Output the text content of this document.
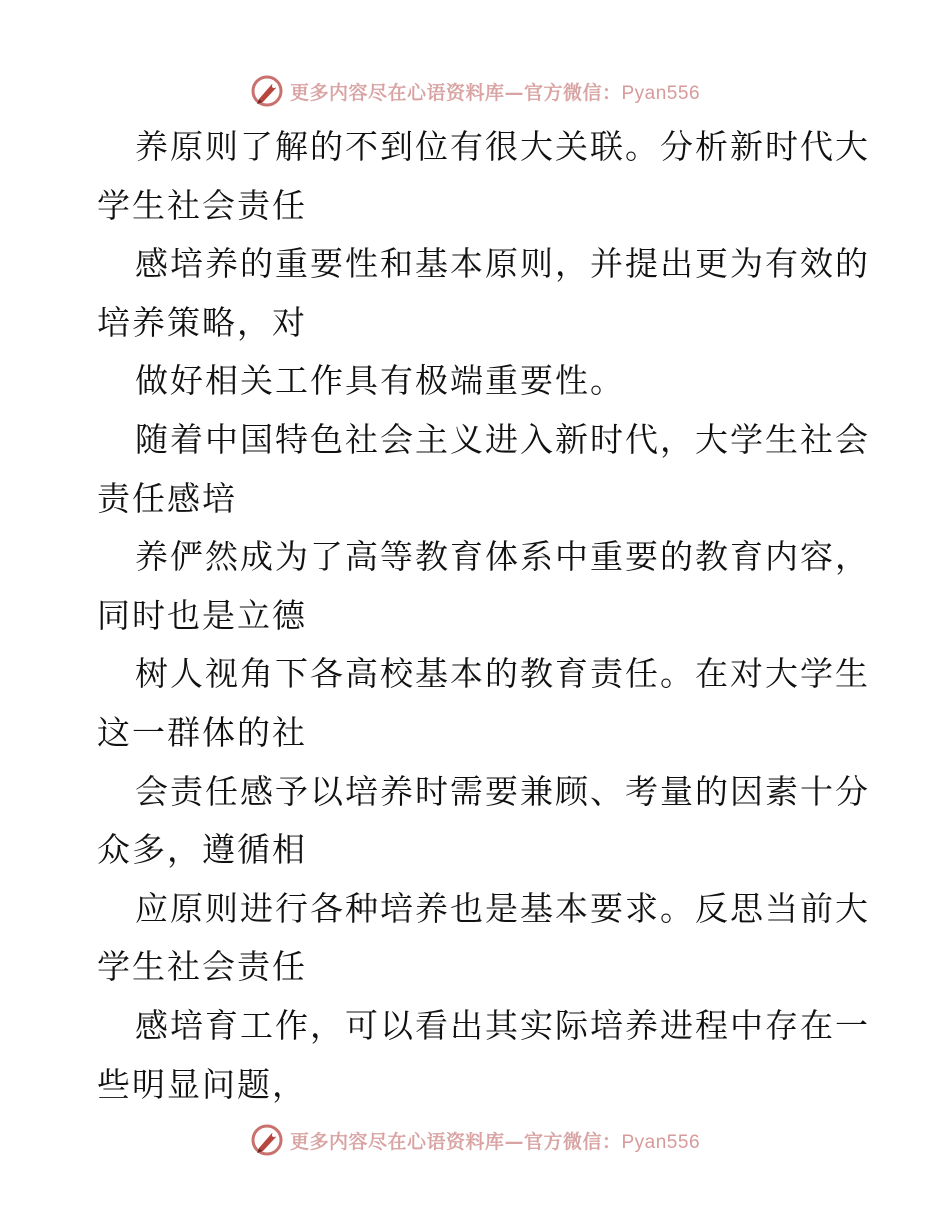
更多内容尽在心语资料库—官方微信：Pyan556
养原则了解的不到位有很大关联。分析新时代大
学生社会责任
感培养的重要性和基本原则，并提出更为有效的
培养策略，对
做好相关工作具有极端重要性。
随着中国特色社会主义进入新时代，大学生社会
责任感培
养俨然成为了高等教育体系中重要的教育内容，
同时也是立德
树人视角下各高校基本的教育责任。在对大学生
这一群体的社
会责任感予以培养时需要兼顾、考量的因素十分
众多，遵循相
应原则进行各种培养也是基本要求。反思当前大
学生社会责任
感培育工作，可以看出其实际培养进程中存在一
些明显问题，
更多内容尽在心语资料库—官方微信：Pyan556
